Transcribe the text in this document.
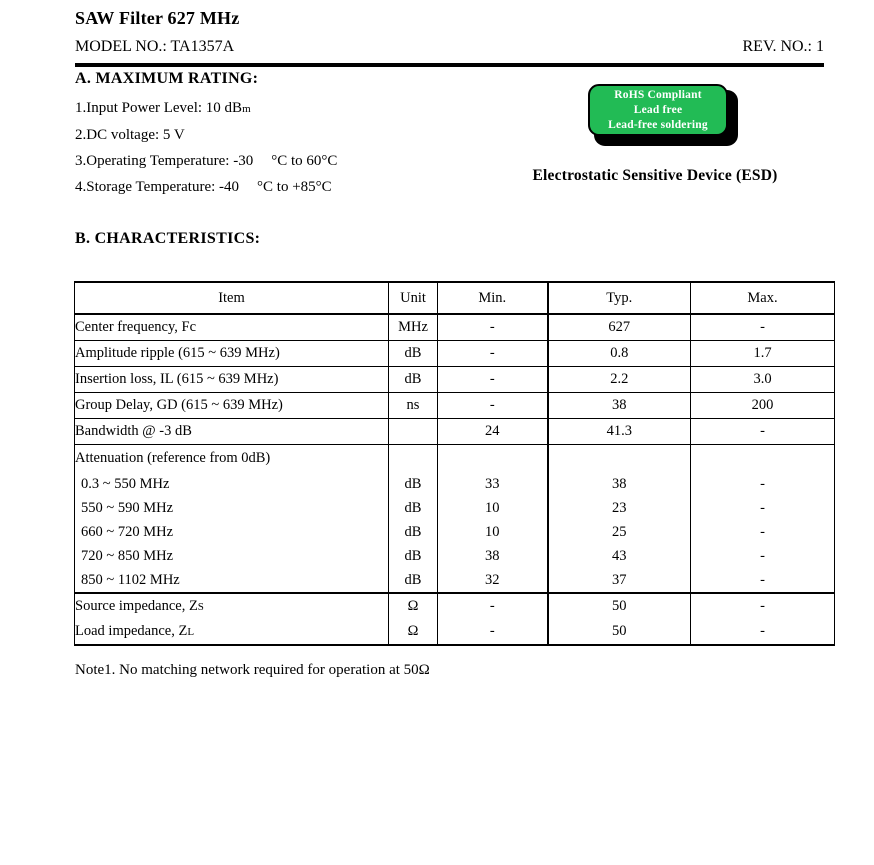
SAW Filter 627 MHz
MODEL NO.: TA1357A	REV. NO.: 1
A. MAXIMUM RATING:
1.Input Power Level: 10 dBm
2.DC voltage: 5 V
3.Operating Temperature: -30 °C to 60°C
4.Storage Temperature: -40 °C to +85°C
RoHS Compliant
Lead free
Lead-free soldering
Electrostatic Sensitive Device (ESD)
B. CHARACTERISTICS:
Item	Unit	Min.	Typ.	Max.
Center frequency, Fc	MHz	-	627	-
Amplitude ripple (615 ~ 639 MHz)	dB	-	0.8	1.7
Insertion loss, IL (615 ~ 639 MHz)	dB	-	2.2	3.0
Group Delay, GD (615 ~ 639 MHz)	ns	-	38	200
Bandwidth @ -3 dB		24	41.3	-
Attenuation (reference from 0dB)				
0.3 ~ 550 MHz	dB	33	38	-
550 ~ 590 MHz	dB	10	23	-
660 ~ 720 MHz	dB	10	25	-
720 ~ 850 MHz	dB	38	43	-
850 ~ 1102 MHz	dB	32	37	-
Source impedance, ZS	Ω	-	50	-
Load impedance, ZL	Ω	-	50	-
Note1. No matching network required for operation at 50Ω
